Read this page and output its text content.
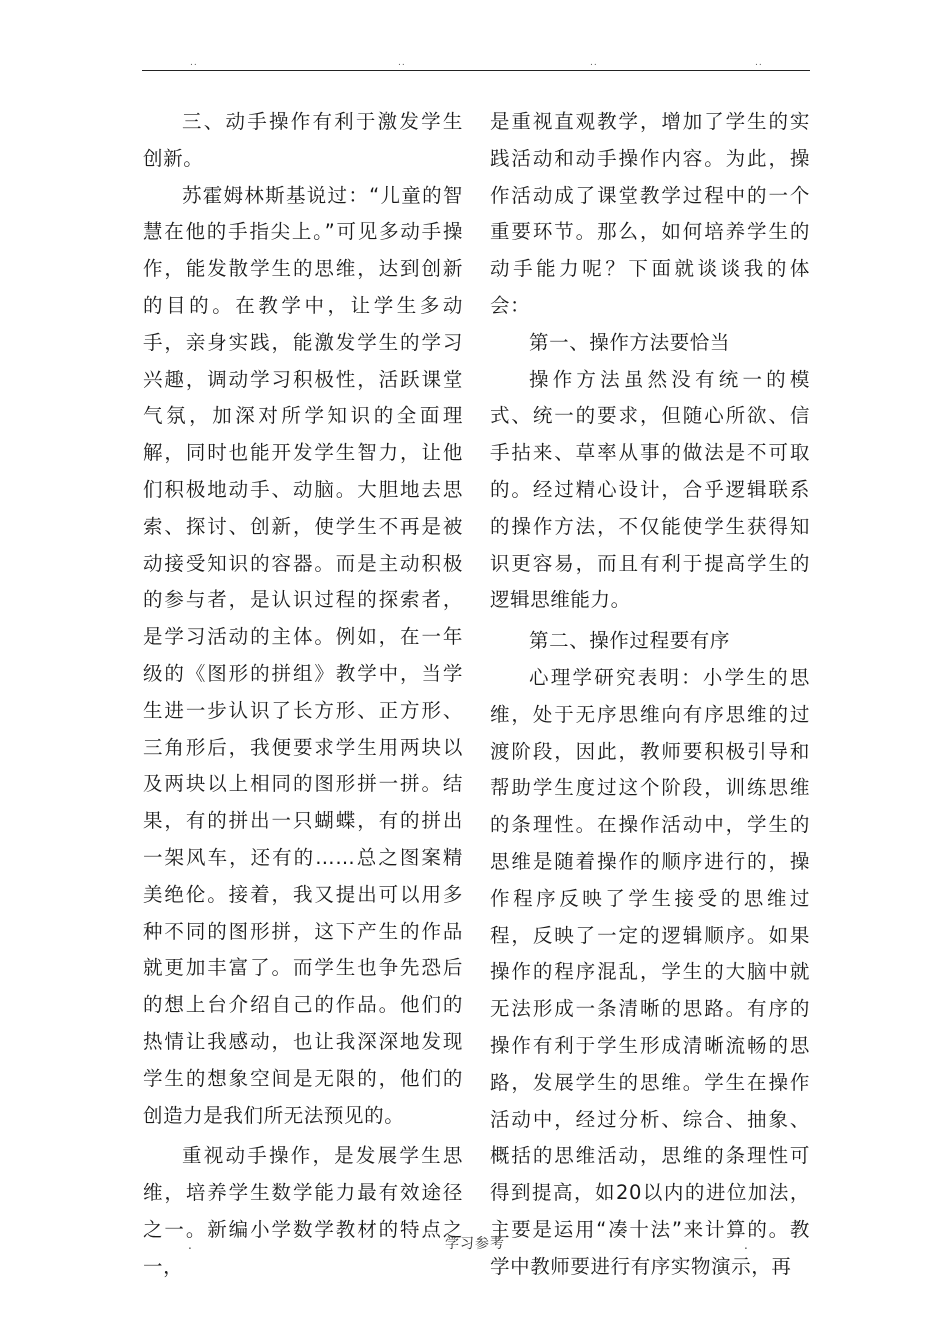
..	..	..	..

三、动手操作有利于激发学生创新。

苏霍姆林斯基说过：“儿童的智慧在他的手指尖上。”可见多动手操作，能发散学生的思维，达到创新的目的。在教学中，让学生多动手，亲身实践，能激发学生的学习兴趣，调动学习积极性，活跃课堂气氛，加深对所学知识的全面理解，同时也能开发学生智力，让他们积极地动手、动脑。大胆地去思索、探讨、创新，使学生不再是被动接受知识的容器。而是主动积极的参与者，是认识过程的探索者，是学习活动的主体。例如，在一年级的《图形的拼组》教学中，当学生进一步认识了长方形、正方形、三角形后，我便要求学生用两块以及两块以上相同的图形拼一拼。结果，有的拼出一只蝴蝶，有的拼出一架风车，还有的……总之图案精美绝伦。接着，我又提出可以用多种不同的图形拼，这下产生的作品就更加丰富了。而学生也争先恐后的想上台介绍自己的作品。他们的热情让我感动，也让我深深地发现学生的想象空间是无限的，他们的创造力是我们所无法预见的。

重视动手操作，是发展学生思维，培养学生数学能力最有效途径之一。新编小学数学教材的特点之一，

是重视直观教学，增加了学生的实践活动和动手操作内容。为此，操作活动成了课堂教学过程中的一个重要环节。那么，如何培养学生的动手能力呢？下面就谈谈我的体会：

第一、操作方法要恰当

操作方法虽然没有统一的模式、统一的要求，但随心所欲、信手拈来、草率从事的做法是不可取的。经过精心设计，合乎逻辑联系的操作方法，不仅能使学生获得知识更容易，而且有利于提高学生的逻辑思维能力。

第二、操作过程要有序

心理学研究表明：小学生的思维，处于无序思维向有序思维的过渡阶段，因此，教师要积极引导和帮助学生度过这个阶段，训练思维的条理性。在操作活动中，学生的思维是随着操作的顺序进行的，操作程序反映了学生接受的思维过程，反映了一定的逻辑顺序。如果操作的程序混乱，学生的大脑中就无法形成一条清晰的思路。有序的操作有利于学生形成清晰流畅的思路，发展学生的思维。学生在操作活动中，经过分析、综合、抽象、概括的思维活动，思维的条理性可得到提高，如20以内的进位加法，主要是运用“凑十法”来计算的。教学中教师要进行有序实物演示，再

.	学习参考	.
